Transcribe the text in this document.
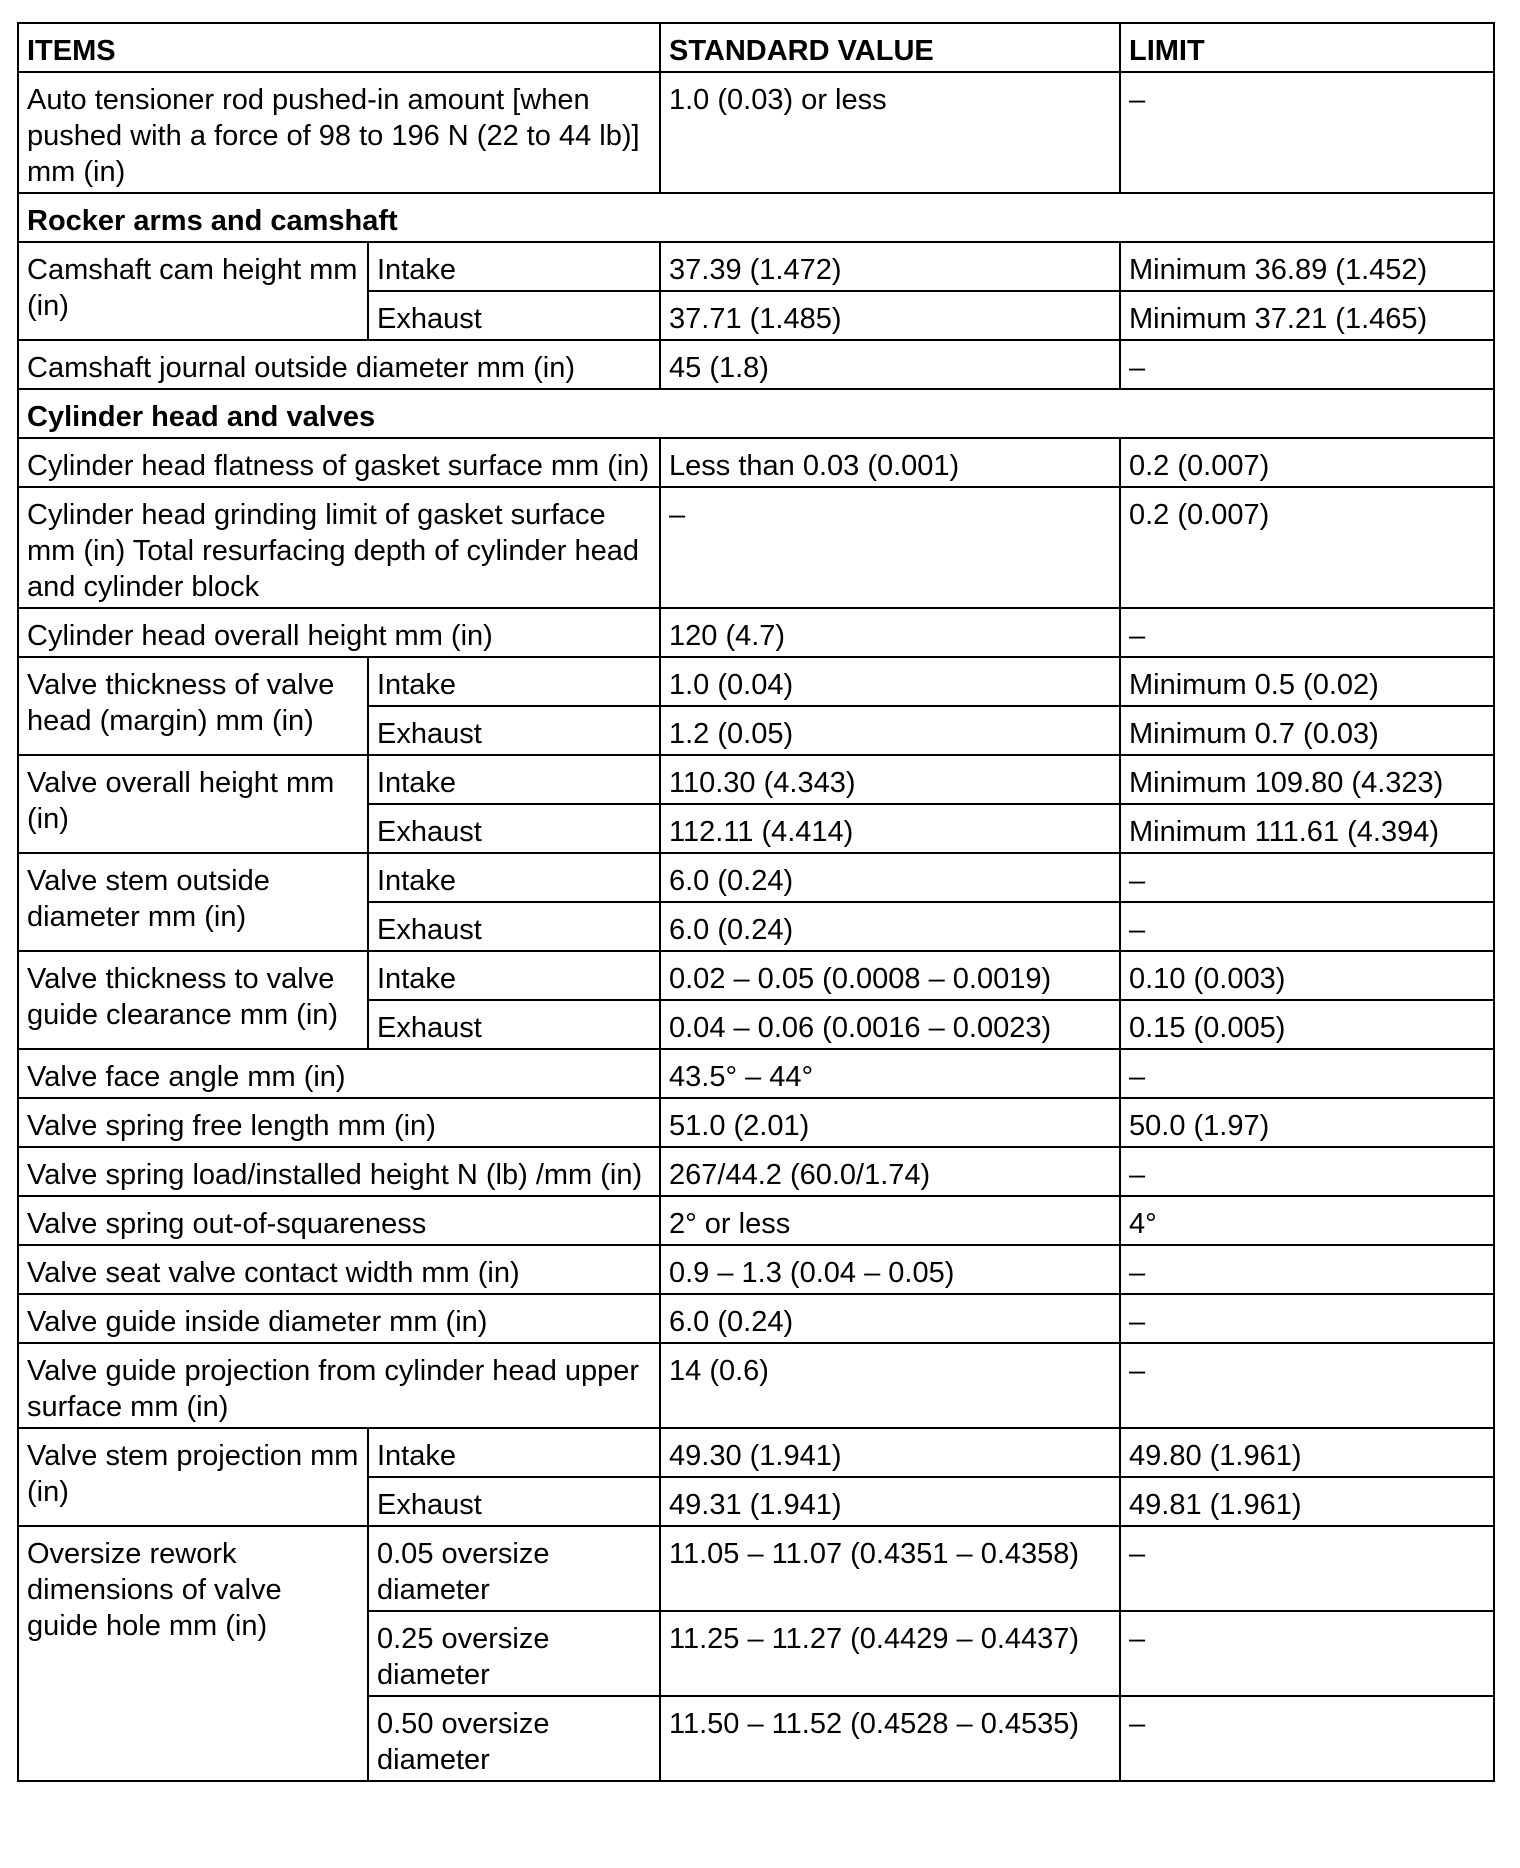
ITEMS		STANDARD VALUE	LIMIT
Auto tensioner rod pushed-in amount [when pushed with a force of 98 to 196 N (22 to 44 lb)] mm (in)		1.0 (0.03) or less	–
Rocker arms and camshaft			
Camshaft cam height mm (in)	Intake	37.39 (1.472)	Minimum 36.89 (1.452)
	Exhaust	37.71 (1.485)	Minimum 37.21 (1.465)
Camshaft journal outside diameter mm (in)		45 (1.8)	–
Cylinder head and valves			
Cylinder head flatness of gasket surface mm (in)		Less than 0.03 (0.001)	0.2 (0.007)
Cylinder head grinding limit of gasket surface mm (in) Total resurfacing depth of cylinder head and cylinder block		–	0.2 (0.007)
Cylinder head overall height mm (in)		120 (4.7)	–
Valve thickness of valve head (margin) mm (in)	Intake	1.0 (0.04)	Minimum 0.5 (0.02)
	Exhaust	1.2 (0.05)	Minimum 0.7 (0.03)
Valve overall height mm (in)	Intake	110.30 (4.343)	Minimum 109.80 (4.323)
	Exhaust	112.11 (4.414)	Minimum 111.61 (4.394)
Valve stem outside diameter mm (in)	Intake	6.0 (0.24)	–
	Exhaust	6.0 (0.24)	–
Valve thickness to valve guide clearance mm (in)	Intake	0.02 – 0.05 (0.0008 – 0.0019)	0.10 (0.003)
	Exhaust	0.04 – 0.06 (0.0016 – 0.0023)	0.15 (0.005)
Valve face angle mm (in)		43.5° – 44°	–
Valve spring free length mm (in)		51.0 (2.01)	50.0 (1.97)
Valve spring load/installed height N (lb) /mm (in)		267/44.2 (60.0/1.74)	–
Valve spring out-of-squareness		2° or less	4°
Valve seat valve contact width mm (in)		0.9 – 1.3 (0.04 – 0.05)	–
Valve guide inside diameter mm (in)		6.0 (0.24)	–
Valve guide projection from cylinder head upper surface mm (in)		14 (0.6)	–
Valve stem projection mm (in)	Intake	49.30 (1.941)	49.80 (1.961)
	Exhaust	49.31 (1.941)	49.81 (1.961)
Oversize rework dimensions of valve guide hole mm (in)	0.05 oversize diameter	11.05 – 11.07 (0.4351 – 0.4358)	–
	0.25 oversize diameter	11.25 – 11.27 (0.4429 – 0.4437)	–
	0.50 oversize diameter	11.50 – 11.52 (0.4528 – 0.4535)	–
